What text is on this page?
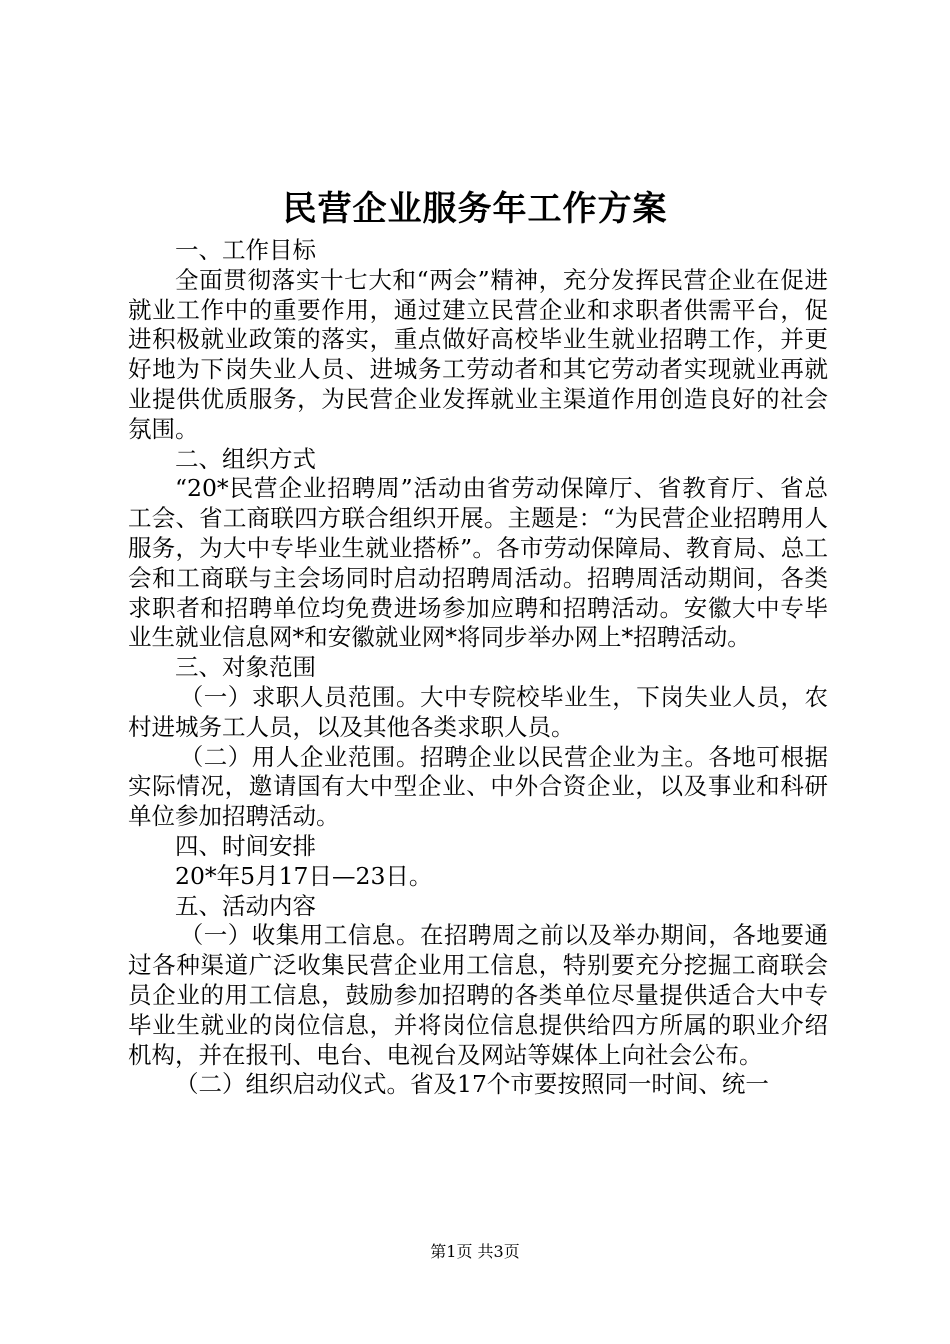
民营企业服务年工作方案

一、工作目标

全面贯彻落实十七大和“两会”精神，充分发挥民营企业在促进就业工作中的重要作用，通过建立民营企业和求职者供需平台，促进积极就业政策的落实，重点做好高校毕业生就业招聘工作，并更好地为下岗失业人员、进城务工劳动者和其它劳动者实现就业再就业提供优质服务，为民营企业发挥就业主渠道作用创造良好的社会氛围。

二、组织方式

“20*民营企业招聘周”活动由省劳动保障厅、省教育厅、省总工会、省工商联四方联合组织开展。主题是：“为民营企业招聘用人服务，为大中专毕业生就业搭桥”。各市劳动保障局、教育局、总工会和工商联与主会场同时启动招聘周活动。招聘周活动期间，各类求职者和招聘单位均免费进场参加应聘和招聘活动。安徽大中专毕业生就业信息网*和安徽就业网*将同步举办网上*招聘活动。

三、对象范围

（一）求职人员范围。大中专院校毕业生，下岗失业人员，农村进城务工人员，以及其他各类求职人员。

（二）用人企业范围。招聘企业以民营企业为主。各地可根据实际情况，邀请国有大中型企业、中外合资企业，以及事业和科研单位参加招聘活动。

四、时间安排

20*年5月17日—23日。

五、活动内容

（一）收集用工信息。在招聘周之前以及举办期间，各地要通过各种渠道广泛收集民营企业用工信息，特别要充分挖掘工商联会员企业的用工信息，鼓励参加招聘的各类单位尽量提供适合大中专毕业生就业的岗位信息，并将岗位信息提供给四方所属的职业介绍机构，并在报刊、电台、电视台及网站等媒体上向社会公布。

（二）组织启动仪式。省及17个市要按照同一时间、统一

第1页 共3页
